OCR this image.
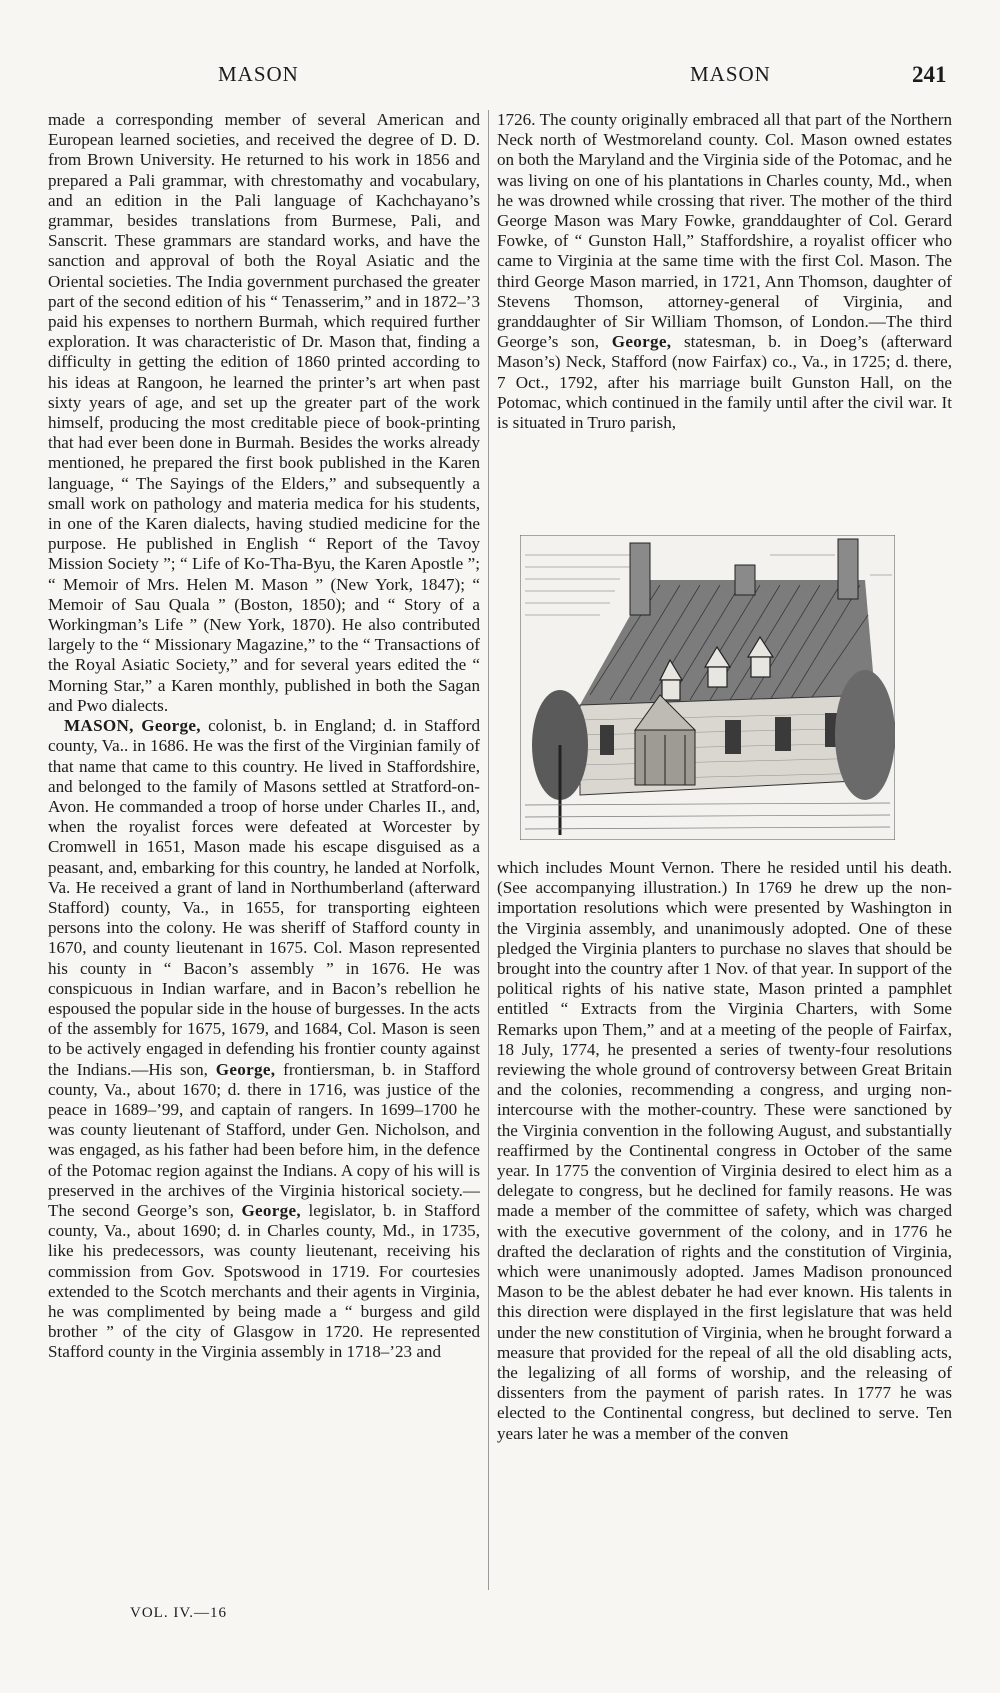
MASON	MASON	241

made a corresponding member of several American and European learned societies, and received the degree of D. D. from Brown University. He returned to his work in 1856 and prepared a Pali grammar, with chrestomathy and vocabulary, and an edition in the Pali language of Kachchayano’s grammar, besides translations from Burmese, Pali, and Sanscrit. These grammars are standard works, and have the sanction and approval of both the Royal Asiatic and the Oriental societies. The India government purchased the greater part of the second edition of his “ Tenasserim,” and in 1872–’3 paid his expenses to northern Burmah, which required further exploration. It was characteristic of Dr. Mason that, finding a difficulty in getting the edition of 1860 printed according to his ideas at Rangoon, he learned the printer’s art when past sixty years of age, and set up the greater part of the work himself, producing the most creditable piece of book-printing that had ever been done in Burmah. Besides the works already mentioned, he prepared the first book published in the Karen language, “ The Sayings of the Elders,” and subsequently a small work on pathology and materia medica for his students, in one of the Karen dialects, having studied medicine for the purpose. He published in English “ Report of the Tavoy Mission Society ”; “ Life of Ko-Tha-Byu, the Karen Apostle ”; “ Memoir of Mrs. Helen M. Mason ” (New York, 1847); “ Memoir of Sau Quala ” (Boston, 1850); and “ Story of a Workingman’s Life ” (New York, 1870). He also contributed largely to the “ Missionary Magazine,” to the “ Transactions of the Royal Asiatic Society,” and for several years edited the “ Morning Star,” a Karen monthly, published in both the Sagan and Pwo dialects.

MASON, George, colonist, b. in England; d. in Stafford county, Va.. in 1686. He was the first of the Virginian family of that name that came to this country. He lived in Staffordshire, and belonged to the family of Masons settled at Stratford-on-Avon. He commanded a troop of horse under Charles II., and, when the royalist forces were defeated at Worcester by Cromwell in 1651, Mason made his escape disguised as a peasant, and, embarking for this country, he landed at Norfolk, Va. He received a grant of land in Northumberland (afterward Stafford) county, Va., in 1655, for transporting eighteen persons into the colony. He was sheriff of Stafford county in 1670, and county lieutenant in 1675. Col. Mason represented his county in “ Bacon’s assembly ” in 1676. He was conspicuous in Indian warfare, and in Bacon’s rebellion he espoused the popular side in the house of burgesses. In the acts of the assembly for 1675, 1679, and 1684, Col. Mason is seen to be actively engaged in defending his frontier county against the Indians.—His son, George, frontiersman, b. in Stafford county, Va., about 1670; d. there in 1716, was justice of the peace in 1689–’99, and captain of rangers. In 1699–1700 he was county lieutenant of Stafford, under Gen. Nicholson, and was engaged, as his father had been before him, in the defence of the Potomac region against the Indians. A copy of his will is preserved in the archives of the Virginia historical society.—The second George’s son, George, legislator, b. in Stafford county, Va., about 1690; d. in Charles county, Md., in 1735, like his predecessors, was county lieutenant, receiving his commission from Gov. Spotswood in 1719. For courtesies extended to the Scotch merchants and their agents in Virginia, he was complimented by being made a “ burgess and gild brother ” of the city of Glasgow in 1720. He represented Stafford county in the Virginia assembly in 1718–’23 and

1726. The county originally embraced all that part of the Northern Neck north of Westmoreland county. Col. Mason owned estates on both the Maryland and the Virginia side of the Potomac, and he was living on one of his plantations in Charles county, Md., when he was drowned while crossing that river. The mother of the third George Mason was Mary Fowke, granddaughter of Col. Gerard Fowke, of “ Gunston Hall,” Staffordshire, a royalist officer who came to Virginia at the same time with the first Col. Mason. The third George Mason married, in 1721, Ann Thomson, daughter of Stevens Thomson, attorney-general of Virginia, and granddaughter of Sir William Thomson, of London.—The third George’s son, George, statesman, b. in Doeg’s (afterward Mason’s) Neck, Stafford (now Fairfax) co., Va., in 1725; d. there, 7 Oct., 1792, after his marriage built Gunston Hall, on the Potomac, which continued in the family until after the civil war. It is situated in Truro parish,

which includes Mount Vernon. There he resided until his death. (See accompanying illustration.) In 1769 he drew up the non-importation resolutions which were presented by Washington in the Virginia assembly, and unanimously adopted. One of these pledged the Virginia planters to purchase no slaves that should be brought into the country after 1 Nov. of that year. In support of the political rights of his native state, Mason printed a pamphlet entitled “ Extracts from the Virginia Charters, with Some Remarks upon Them,” and at a meeting of the people of Fairfax, 18 July, 1774, he presented a series of twenty-four resolutions reviewing the whole ground of controversy between Great Britain and the colonies, recommending a congress, and urging non-intercourse with the mother-country. These were sanctioned by the Virginia convention in the following August, and substantially reaffirmed by the Continental congress in October of the same year. In 1775 the convention of Virginia desired to elect him as a delegate to congress, but he declined for family reasons. He was made a member of the committee of safety, which was charged with the executive government of the colony, and in 1776 he drafted the declaration of rights and the constitution of Virginia, which were unanimously adopted. James Madison pronounced Mason to be the ablest debater he had ever known. His talents in this direction were displayed in the first legislature that was held under the new constitution of Virginia, when he brought forward a measure that provided for the repeal of all the old disabling acts, the legalizing of all forms of worship, and the releasing of dissenters from the payment of parish rates. In 1777 he was elected to the Continental congress, but declined to serve. Ten years later he was a member of the conven

VOL. IV.—16
